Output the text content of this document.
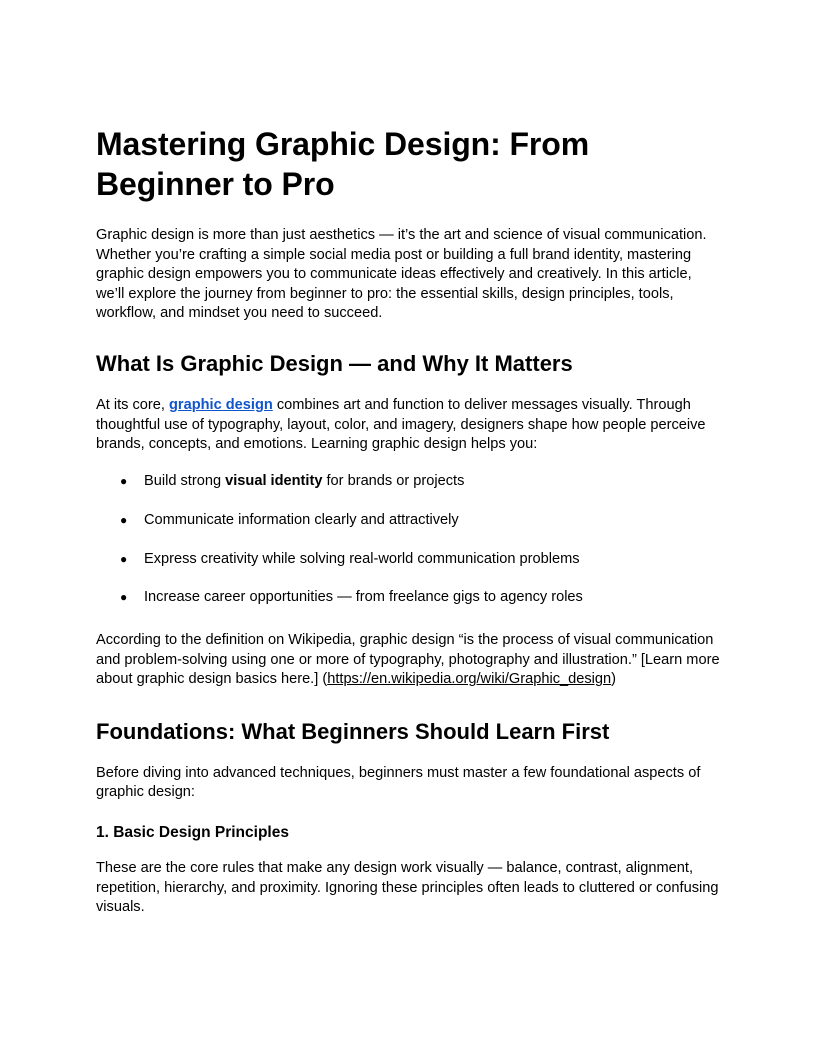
Mastering Graphic Design: From Beginner to Pro

Graphic design is more than just aesthetics — it’s the art and science of visual communication. Whether you’re crafting a simple social media post or building a full brand identity, mastering graphic design empowers you to communicate ideas effectively and creatively. In this article, we’ll explore the journey from beginner to pro: the essential skills, design principles, tools, workflow, and mindset you need to succeed.

What Is Graphic Design — and Why It Matters

At its core, graphic design combines art and function to deliver messages visually. Through thoughtful use of typography, layout, color, and imagery, designers shape how people perceive brands, concepts, and emotions. Learning graphic design helps you:

● Build strong visual identity for brands or projects
● Communicate information clearly and attractively
● Express creativity while solving real-world communication problems
● Increase career opportunities — from freelance gigs to agency roles

According to the definition on Wikipedia, graphic design “is the process of visual communication and problem-solving using one or more of typography, photography and illustration.” [Learn more about graphic design basics here.] (https://en.wikipedia.org/wiki/Graphic_design)

Foundations: What Beginners Should Learn First

Before diving into advanced techniques, beginners must master a few foundational aspects of graphic design:

1. Basic Design Principles

These are the core rules that make any design work visually — balance, contrast, alignment, repetition, hierarchy, and proximity. Ignoring these principles often leads to cluttered or confusing visuals.
